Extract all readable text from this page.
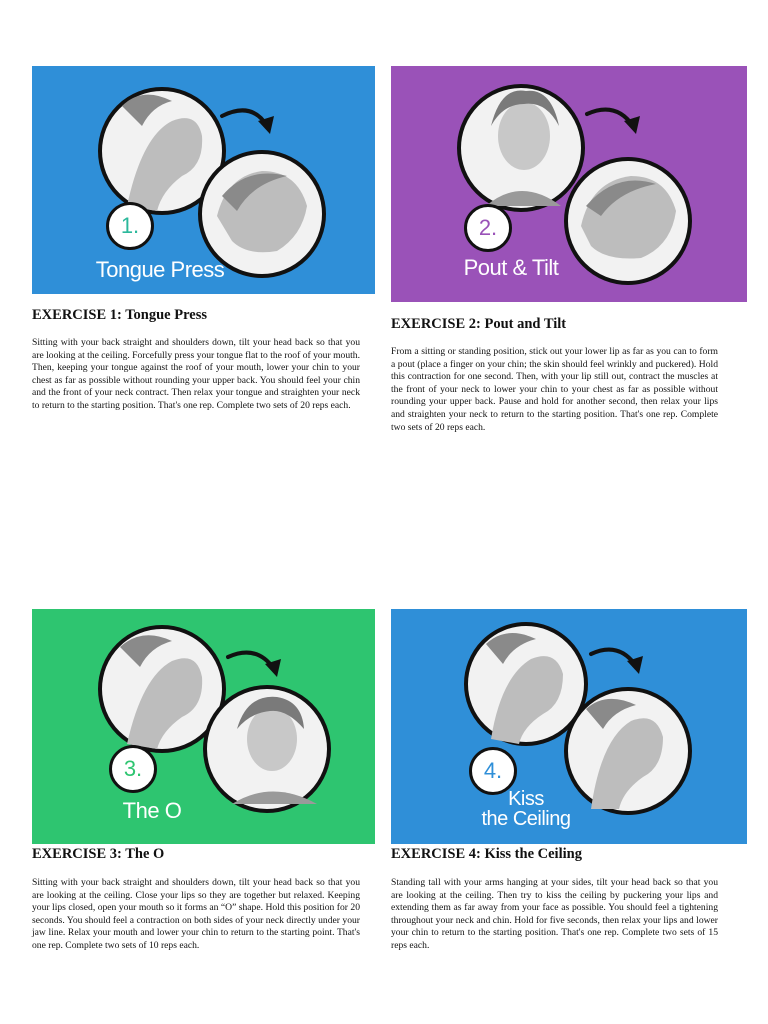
1.
Tongue Press
EXERCISE 1: Tongue Press
Sitting with your back straight and shoulders down, tilt your head back so that you are looking at the ceiling. Forcefully press your tongue flat to the roof of your mouth. Then, keeping your tongue against the roof of your mouth, lower your chin to your chest as far as possible without rounding your upper back. You should feel your chin and the front of your neck contract. Then relax your tongue and straighten your neck to return to the starting position. That's one rep. Complete two sets of 20 reps each.
2.
Pout & Tilt
EXERCISE 2: Pout and Tilt
From a sitting or standing position, stick out your lower lip as far as you can to form a pout (place a finger on your chin; the skin should feel wrinkly and puckered). Hold this contraction for one second. Then, with your lip still out, contract the muscles at the front of your neck to lower your chin to your chest as far as possible without rounding your upper back. Pause and hold for another second, then relax your lips and straighten your neck to return to the starting position. That's one rep. Complete two sets of 20 reps each.
3.
The O
EXERCISE 3: The O
Sitting with your back straight and shoulders down, tilt your head back so that you are looking at the ceiling. Close your lips so they are together but relaxed. Keeping your lips closed, open your mouth so it forms an “O” shape. Hold this position for 20 seconds. You should feel a contraction on both sides of your neck directly under your jaw line. Relax your mouth and lower your chin to return to the starting point. That's one rep. Complete two sets of 10 reps each.
4.
Kiss
the Ceiling
EXERCISE 4: Kiss the Ceiling
Standing tall with your arms hanging at your sides, tilt your head back so that you are looking at the ceiling. Then try to kiss the ceiling by puckering your lips and extending them as far away from your face as possible. You should feel a tightening throughout your neck and chin. Hold for five seconds, then relax your lips and lower your chin to return to the starting position. That's one rep. Complete two sets of 15 reps each.
